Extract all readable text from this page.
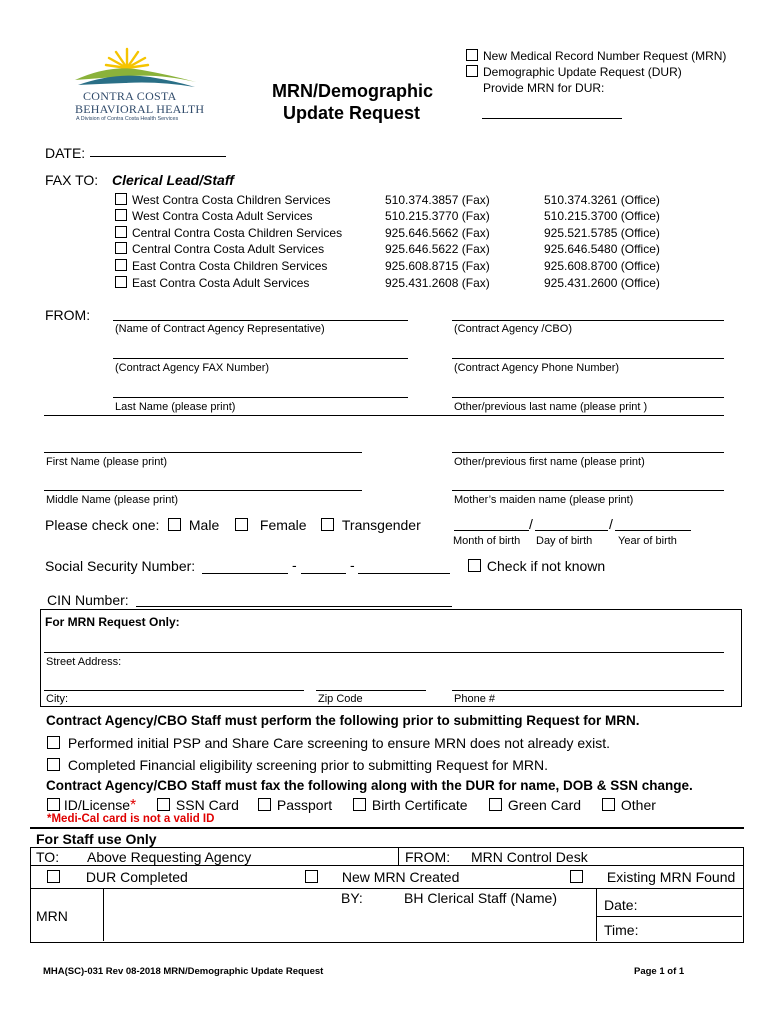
CONTRA COSTA
BEHAVIORAL HEALTH
A Division of Contra Costa Health Services
MRN/Demographic
Update Request
New Medical Record Number Request (MRN)
Demographic Update Request (DUR)
Provide MRN for DUR:
DATE:
FAX TO: Clerical Lead/Staff
West Contra Costa Children Services	510.374.3857 (Fax)	510.374.3261 (Office)
West Contra Costa Adult Services	510.215.3770 (Fax)	510.215.3700 (Office)
Central Contra Costa Children Services	925.646.5662 (Fax)	925.521.5785 (Office)
Central Contra Costa Adult Services	925.646.5622 (Fax)	925.646.5480 (Office)
East Contra Costa Children Services	925.608.8715 (Fax)	925.608.8700 (Office)
East Contra Costa Adult Services	925.431.2608 (Fax)	925.431.2600 (Office)
FROM:
(Name of Contract Agency Representative)	(Contract Agency /CBO)
(Contract Agency FAX Number)	(Contract Agency Phone Number)
Last Name (please print)	Other/previous last name (please print )
First Name (please print)	Other/previous first name (please print)
Middle Name (please print)	Mother’s maiden name (please print)
Please check one:	Male	Female	Transgender	/	/
Month of birth Day of birth Year of birth
Social Security Number:	-	-	Check if not known
CIN Number:
For MRN Request Only:
Street Address:
City:	Zip Code	Phone #
Contract Agency/CBO Staff must perform the following prior to submitting Request for MRN.
Performed initial PSP and Share Care screening to ensure MRN does not already exist.
Completed Financial eligibility screening prior to submitting Request for MRN.
Contract Agency/CBO Staff must fax the following along with the DUR for name, DOB & SSN change.
ID/License*	SSN Card	Passport	Birth Certificate	Green Card	Other
*Medi-Cal card is not a valid ID
For Staff use Only
TO: Above Requesting Agency	FROM: MRN Control Desk
DUR Completed	New MRN Created	Existing MRN Found
BY:	BH Clerical Staff (Name)
MRN
Date:
Time:
MHA(SC)-031 Rev 08-2018 MRN/Demographic Update Request	Page 1 of 1
